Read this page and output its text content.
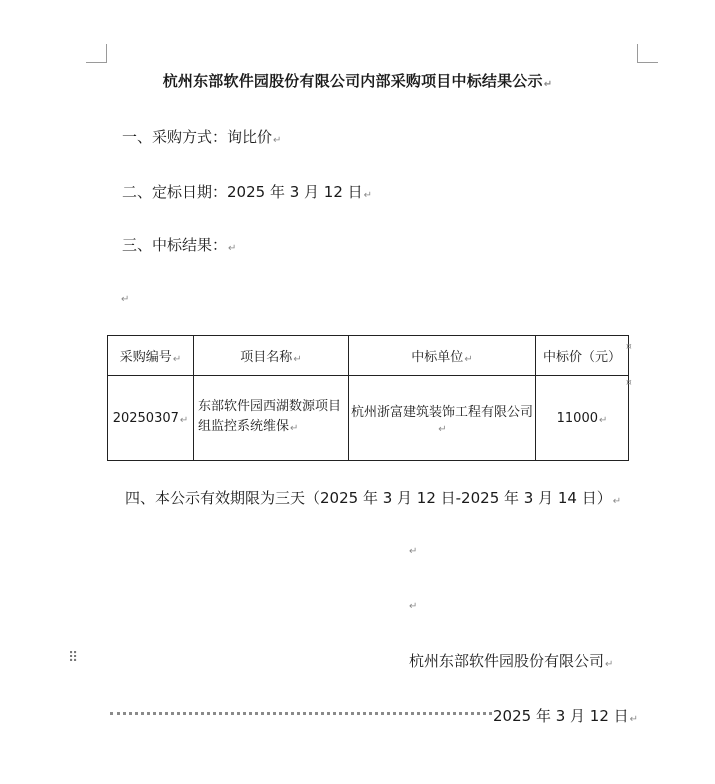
杭州东部软件园股份有限公司内部采购项目中标结果公示↵
一、采购方式：询比价↵
二、定标日期：2025 年 3 月 12 日↵
三、中标结果：↵
↵
采购编号↵	项目名称↵	中标单位↵	中标价（元）
20250307↵	东部软件园西湖数源项目组监控系统维保↵	杭州浙富建筑装饰工程有限公司↵	11000↵
¤
¤
四、本公示有效期限为三天（2025 年 3 月 12 日-2025 年 3 月 14 日）↵
↵
↵
⠿	杭州东部软件园股份有限公司↵
2025 年 3 月 12 日↵
